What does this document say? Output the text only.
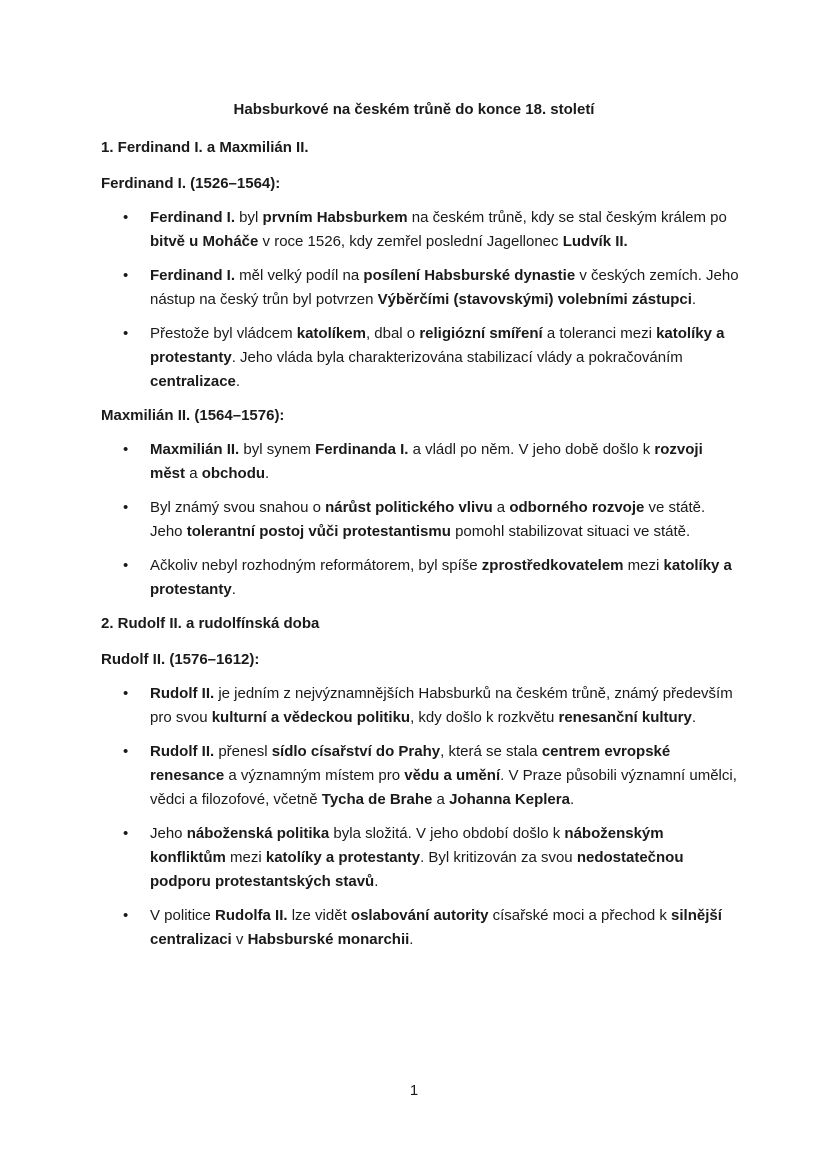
Habsburkové na českém trůně do konce 18. století
1. Ferdinand I. a Maxmilián II.
Ferdinand I. (1526–1564):
• Ferdinand I. byl prvním Habsburkem na českém trůně, kdy se stal českým králem po bitvě u Moháče v roce 1526, kdy zemřel poslední Jagellonec Ludvík II.
• Ferdinand I. měl velký podíl na posílení Habsburské dynastie v českých zemích. Jeho nástup na český trůn byl potvrzen Výběrčími (stavovskými) volebními zástupci.
• Přestože byl vládcem katolíkem, dbal o religiózní smíření a toleranci mezi katolíky a protestanty. Jeho vláda byla charakterizována stabilizací vlády a pokračováním centralizace.
Maxmilián II. (1564–1576):
• Maxmilián II. byl synem Ferdinanda I. a vládl po něm. V jeho době došlo k rozvoji měst a obchodu.
• Byl známý svou snahou o nárůst politického vlivu a odborného rozvoje ve státě. Jeho tolerantní postoj vůči protestantismu pomohl stabilizovat situaci ve státě.
• Ačkoliv nebyl rozhodným reformátorem, byl spíše zprostředkovatelem mezi katolíky a protestanty.
2. Rudolf II. a rudolfínská doba
Rudolf II. (1576–1612):
• Rudolf II. je jedním z nejvýznamnějších Habsburků na českém trůně, známý především pro svou kulturní a vědeckou politiku, kdy došlo k rozkvětu renesanční kultury.
• Rudolf II. přenesl sídlo císařství do Prahy, která se stala centrem evropské renesance a významným místem pro vědu a umění. V Praze působili významní umělci, vědci a filozofové, včetně Tycha de Brahe a Johanna Keplera.
• Jeho náboženská politika byla složitá. V jeho období došlo k náboženským konfliktům mezi katolíky a protestanty. Byl kritizován za svou nedostatečnou podporu protestantských stavů.
• V politice Rudolfa II. lze vidět oslabování autority císařské moci a přechod k silnější centralizaci v Habsburské monarchii.
1
